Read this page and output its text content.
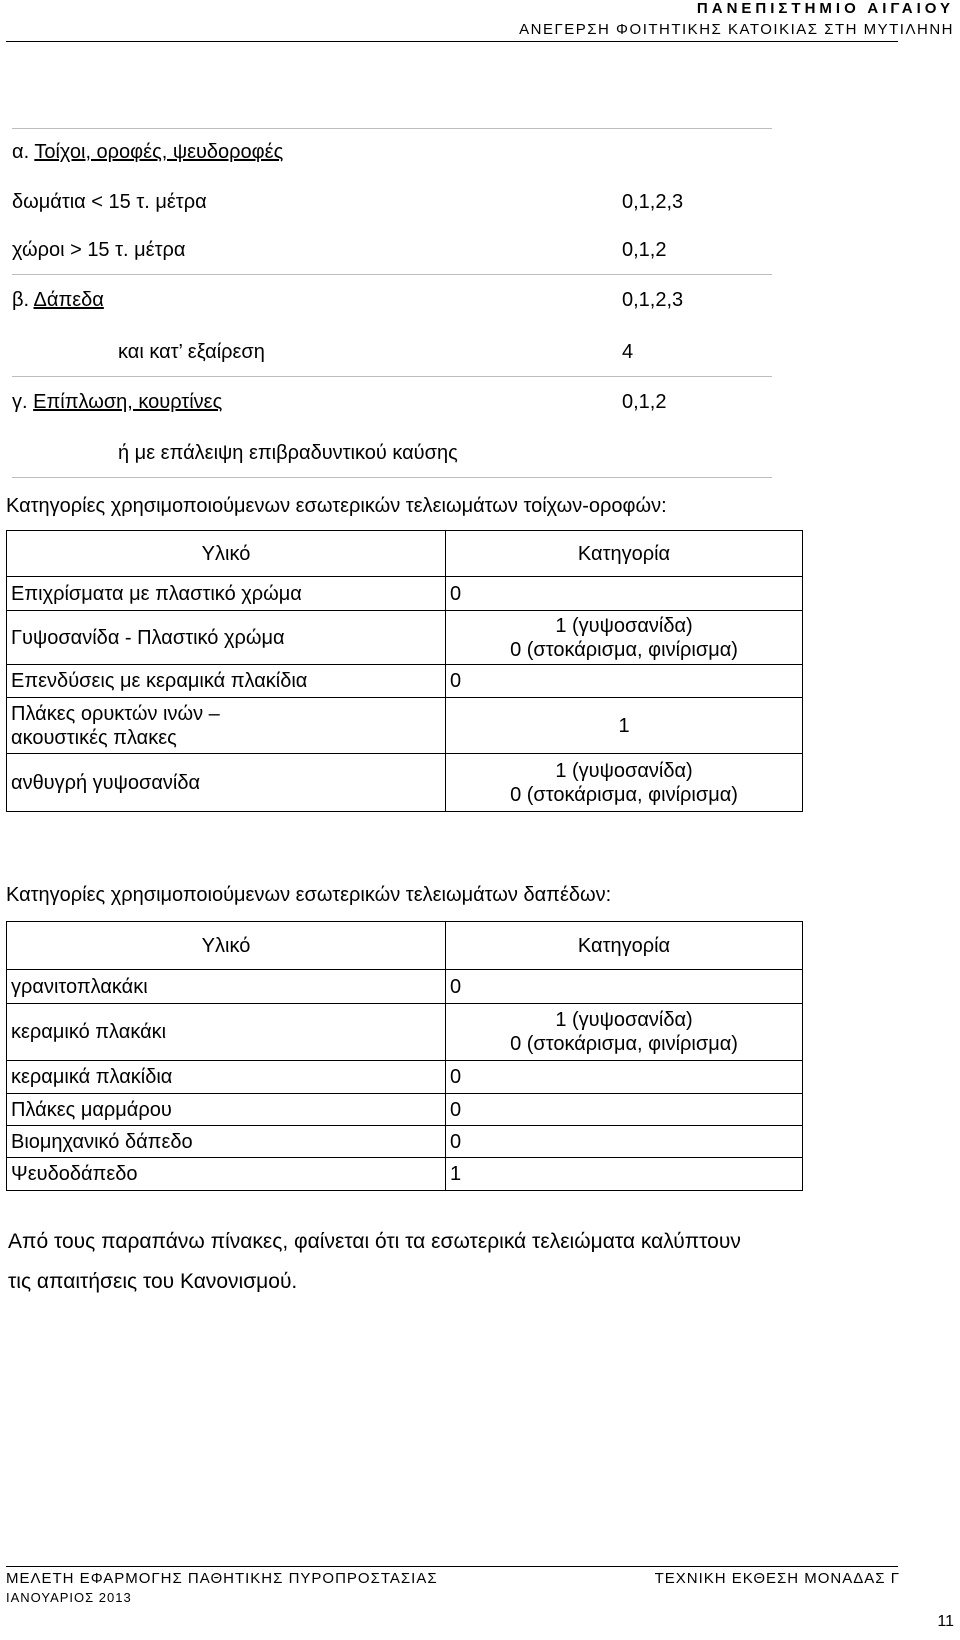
ΠΑΝΕΠΙΣΤΗΜΙΟ ΑΙΓΑΙΟΥ
ΑΝΕΓΕΡΣΗ ΦΟΙΤΗΤΙΚΗΣ ΚΑΤΟΙΚΙΑΣ ΣΤΗ ΜΥΤΙΛΗΝΗ
α. Τοίχοι, οροφές, ψευδοροφές
δωμάτια < 15 τ. μέτρα	0,1,2,3
χώροι > 15 τ. μέτρα	0,1,2
β. Δάπεδα	0,1,2,3
και κατ’ εξαίρεση	4
γ. Επίπλωση, κουρτίνες	0,1,2
ή με επάλειψη επιβραδυντικού καύσης
Κατηγορίες χρησιμοποιούμενων εσωτερικών τελειωμάτων τοίχων-οροφών:
Υλικό	Κατηγορία
Επιχρίσματα με πλαστικό χρώμα	0
Γυψοσανίδα - Πλαστικό χρώμα	1 (γυψοσανίδα)
0 (στοκάρισμα, φινίρισμα)

Επενδύσεις με κεραμικά πλακίδια	0

Πλάκες ορυκτών ινών – ακουστικές πλακες	1
ανθυγρή γυψοσανίδα	1 (γυψοσανίδα)
0 (στοκάρισμα, φινίρισμα)
Κατηγορίες χρησιμοποιούμενων εσωτερικών τελειωμάτων δαπέδων:
Υλικό	Κατηγορία
γρανιτοπλακάκι	0
κεραμικό πλακάκι	1 (γυψοσανίδα)
0 (στοκάρισμα, φινίρισμα)

κεραμικά πλακίδια	0
Πλάκες μαρμάρου	0
Βιομηχανικό δάπεδο	0
Ψευδοδάπεδο	1
Από τους παραπάνω πίνακες, φαίνεται ότι τα εσωτερικά τελειώματα καλύπτουν
τις απαιτήσεις του Κανονισμού.
ΜΕΛΕΤΗ ΕΦΑΡΜΟΓΗΣ ΠΑΘΗΤΙΚΗΣ ΠΥΡΟΠΡΟΣΤΑΣΙΑΣ	ΤΕΧΝΙΚΗ ΕΚΘΕΣΗ ΜΟΝΑΔΑΣ Γ
ΙΑΝΟΥΑΡΙΟΣ 2013
11
